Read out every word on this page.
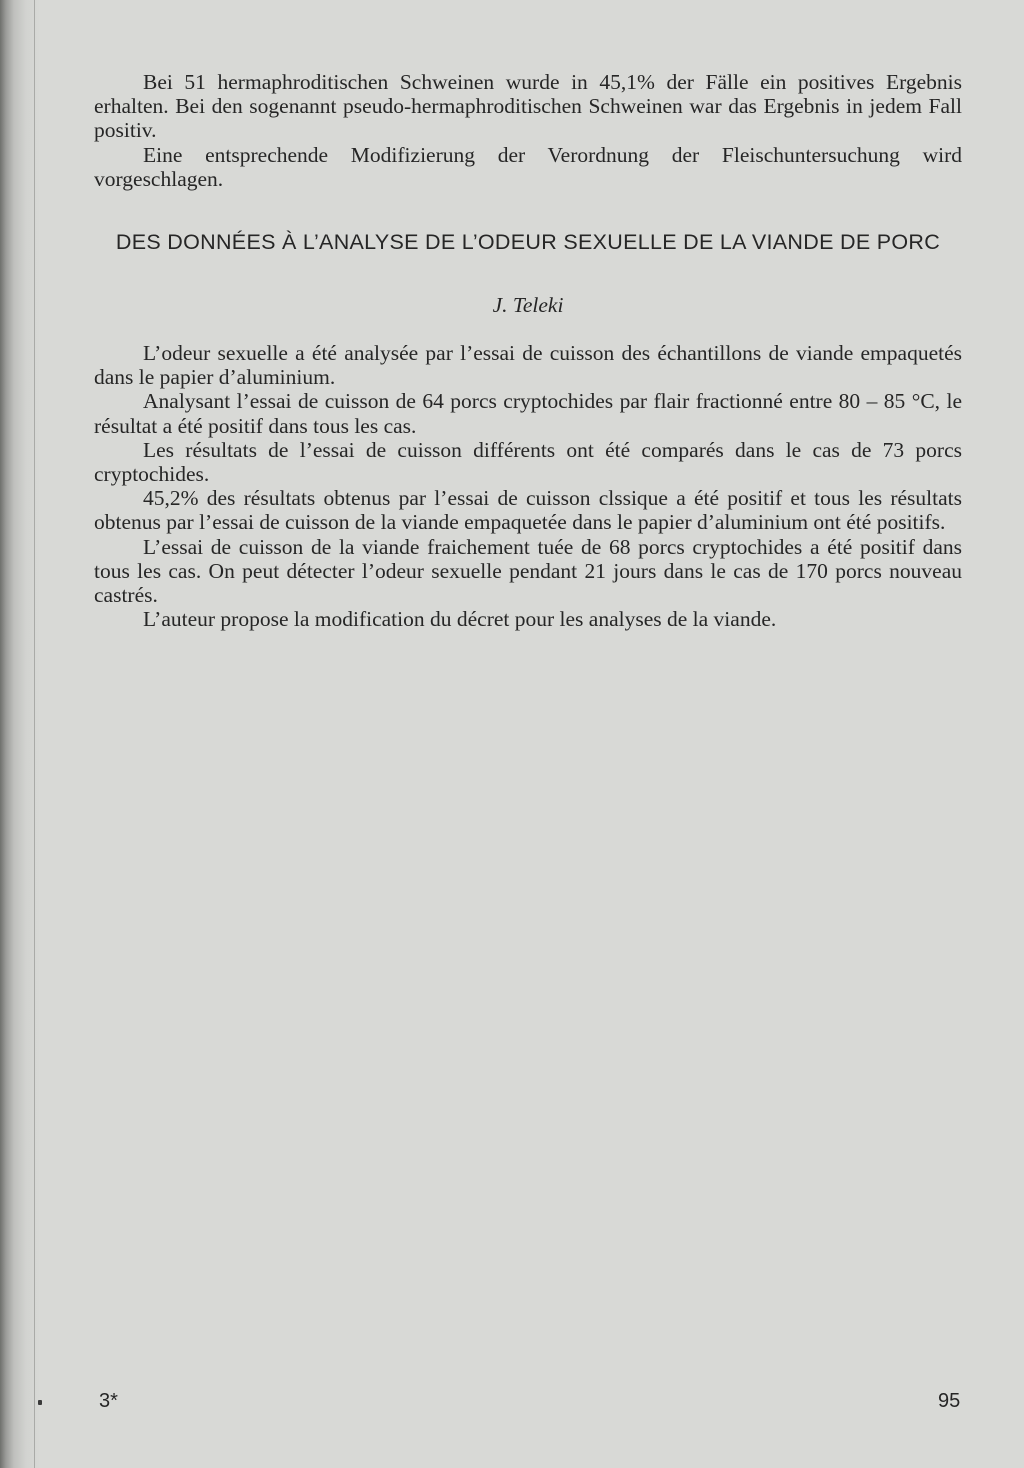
Bei 51 hermaphroditischen Schweinen wurde in 45,1% der Fälle ein positives Ergebnis erhalten. Bei den sogenannt pseudo-hermaphroditischen Schweinen war das Ergebnis in jedem Fall positiv.

Eine entsprechende Modifizierung der Verordnung der Fleischuntersuchung wird vorgeschlagen.

DES DONNÉES À L’ANALYSE DE L’ODEUR SEXUELLE DE LA VIANDE DE PORC
J. Teleki

L’odeur sexuelle a été analysée par l’essai de cuisson des échantillons de viande empaquetés dans le papier d’aluminium.

Analysant l’essai de cuisson de 64 porcs cryptochides par flair fractionné entre 80 – 85 °C, le résultat a été positif dans tous les cas.

Les résultats de l’essai de cuisson différents ont été comparés dans le cas de 73 porcs cryptochides.

45,2% des résultats obtenus par l’essai de cuisson clssique a été positif et tous les résultats obtenus par l’essai de cuisson de la viande empaquetée dans le papier d’aluminium ont été positifs.

L’essai de cuisson de la viande fraichement tuée de 68 porcs cryptochides a été positif dans tous les cas. On peut détecter l’odeur sexuelle pendant 21 jours dans le cas de 170 porcs nouveau castrés.

L’auteur propose la modification du décret pour les analyses de la viande.

3*	95
